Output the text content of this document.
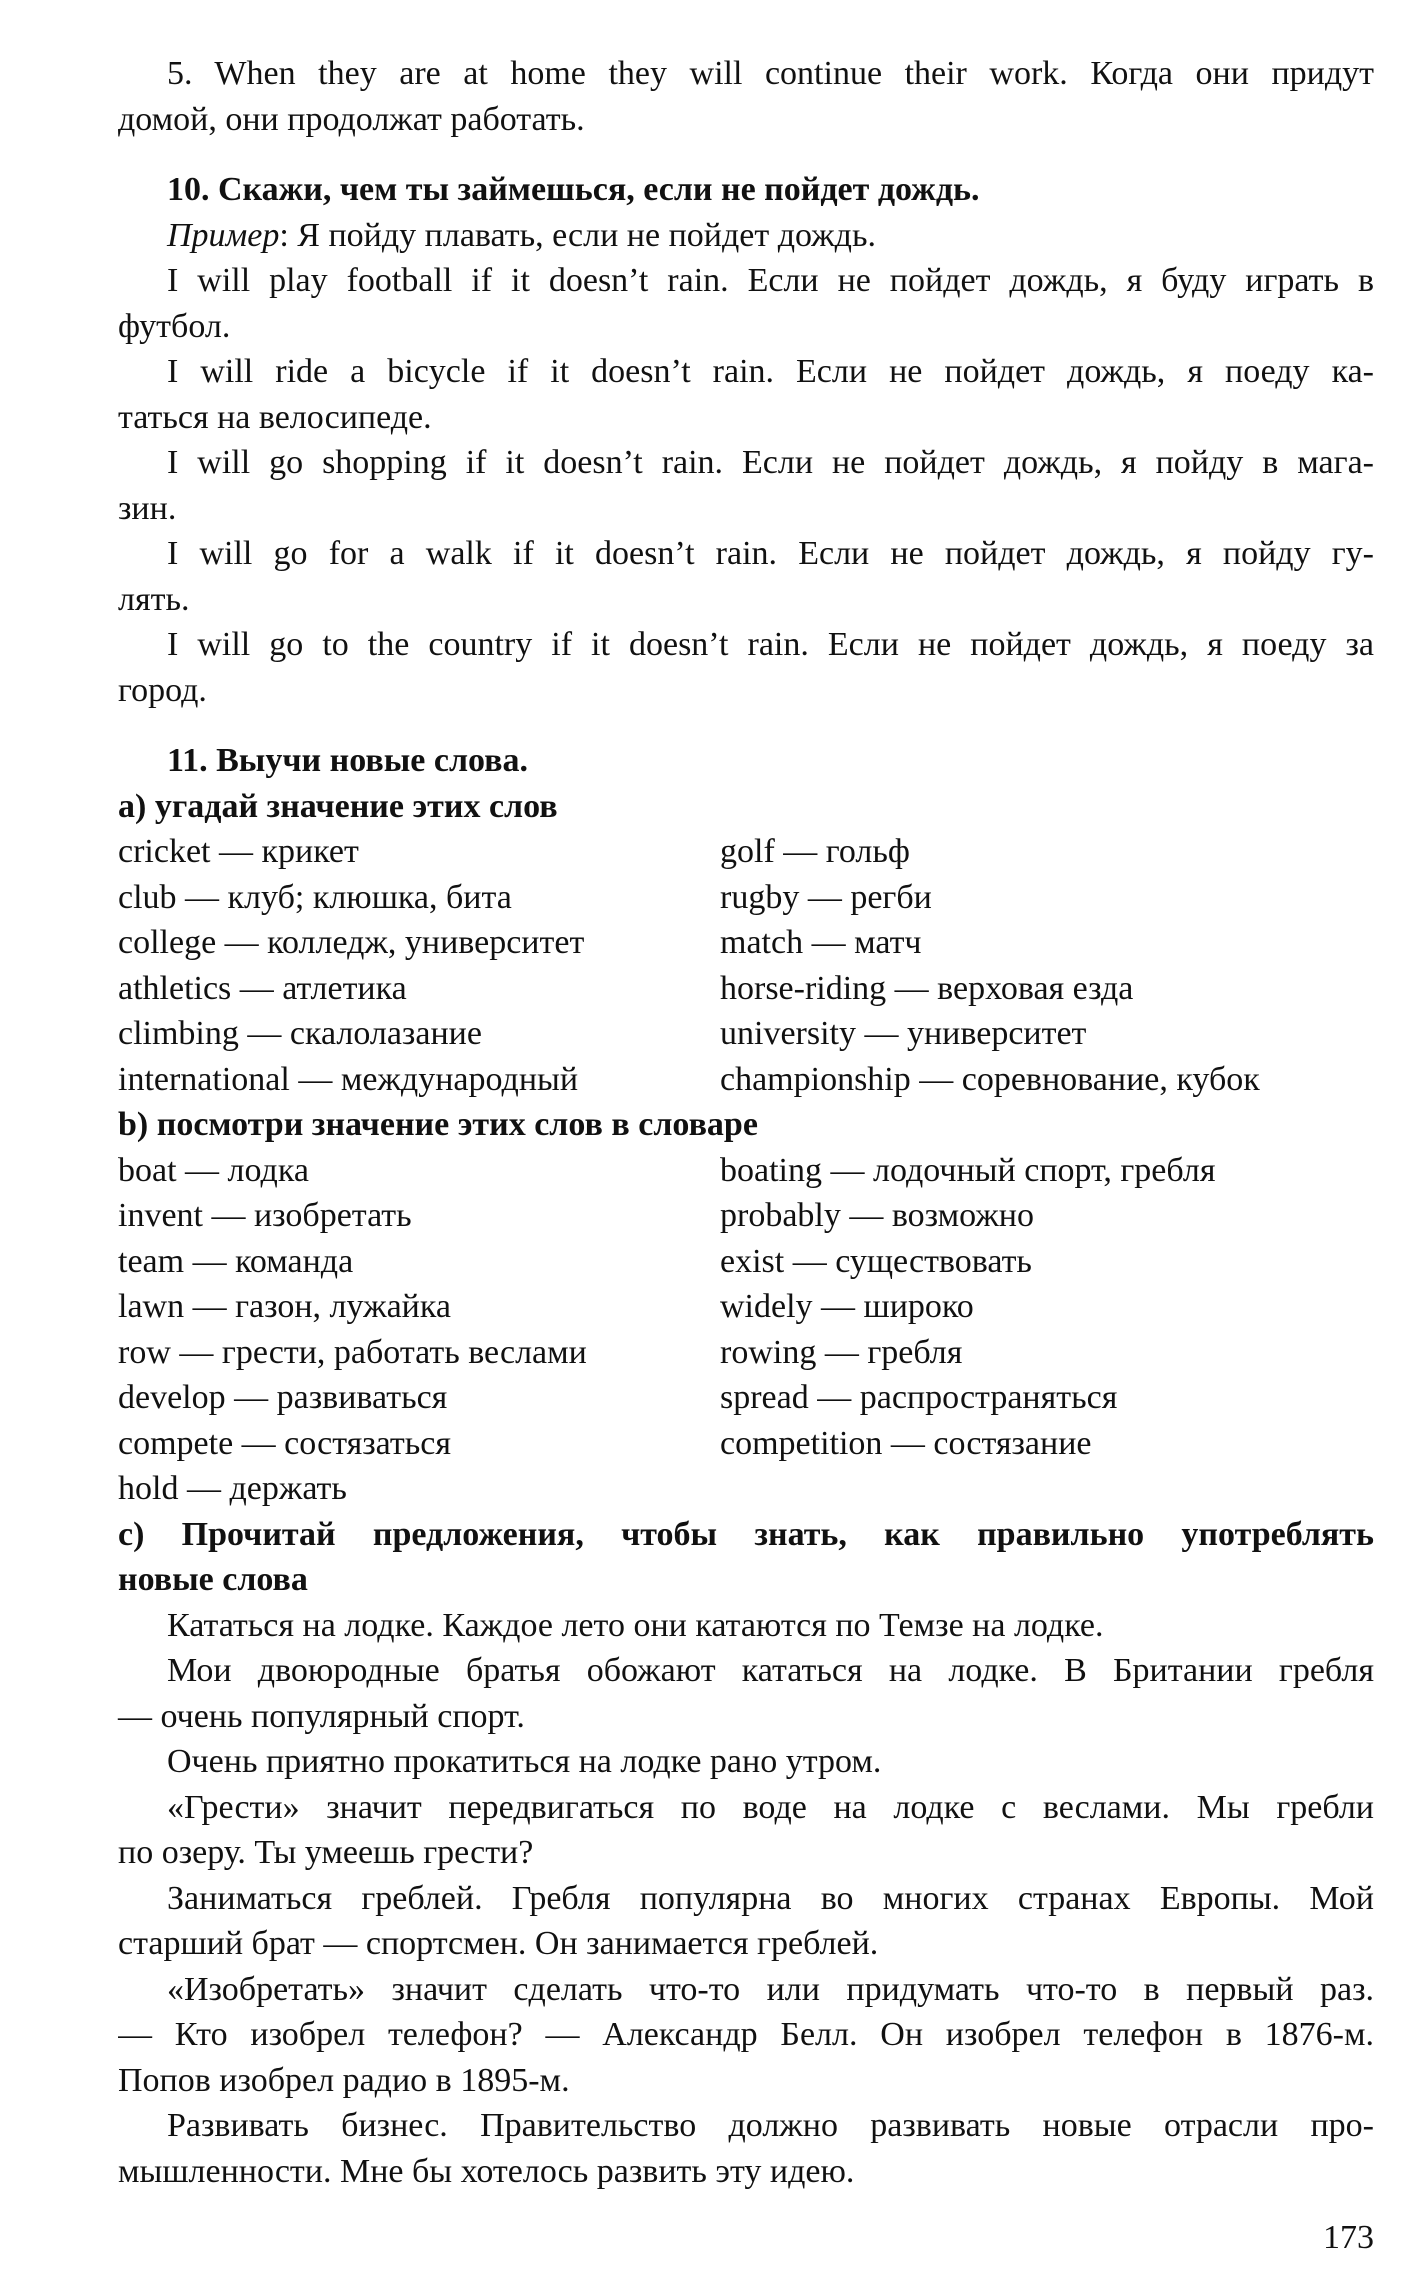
5. When they are at home they will continue their work. Когда они придут
домой, они продолжат работать.
10. Скажи, чем ты займешься, если не пойдет дождь.
Пример: Я пойду плавать, если не пойдет дождь.
I will play football if it doesn’t rain. Если не пойдет дождь, я буду играть в
футбол.
I will ride a bicycle if it doesn’t rain. Если не пойдет дождь, я поеду ка-
таться на велосипеде.
I will go shopping if it doesn’t rain. Если не пойдет дождь, я пойду в мага-
зин.
I will go for a walk if it doesn’t rain. Если не пойдет дождь, я пойду гу-
лять.
I will go to the country if it doesn’t rain. Если не пойдет дождь, я поеду за
город.
11. Выучи новые слова.
а) угадай значение этих слов
cricket — крикет	golf — гольф
club — клуб; клюшка, бита	rugby — регби
college — колледж, университет	match — матч
athletics — атлетика	horse-riding — верховая езда
climbing — скалолазание	university — университет
international — международный	championship — соревнование, кубок
b) посмотри значение этих слов в словаре
boat — лодка	boating — лодочный спорт, гребля
invent — изобретать	probably — возможно
team — команда	exist — существовать
lawn — газон, лужайка	widely — широко
row — грести, работать веслами	rowing — гребля
develop — развиваться	spread — распространяться
compete — состязаться	competition — состязание
hold — держать
c) Прочитай предложения, чтобы знать, как правильно употреблять
новые слова
Кататься на лодке. Каждое лето они катаются по Темзе на лодке.
Мои двоюродные братья обожают кататься на лодке. В Британии гребля
— очень популярный спорт.
Очень приятно прокатиться на лодке рано утром.
«Грести» значит передвигаться по воде на лодке с веслами. Мы гребли
по озеру. Ты умеешь грести?
Заниматься греблей. Гребля популярна во многих странах Европы. Мой
старший брат — спортсмен. Он занимается греблей.
«Изобретать» значит сделать что-то или придумать что-то в первый раз.
— Кто изобрел телефон? — Александр Белл. Он изобрел телефон в 1876-м.
Попов изобрел радио в 1895-м.
Развивать бизнес. Правительство должно развивать новые отрасли про-
мышленности. Мне бы хотелось развить эту идею.
173
